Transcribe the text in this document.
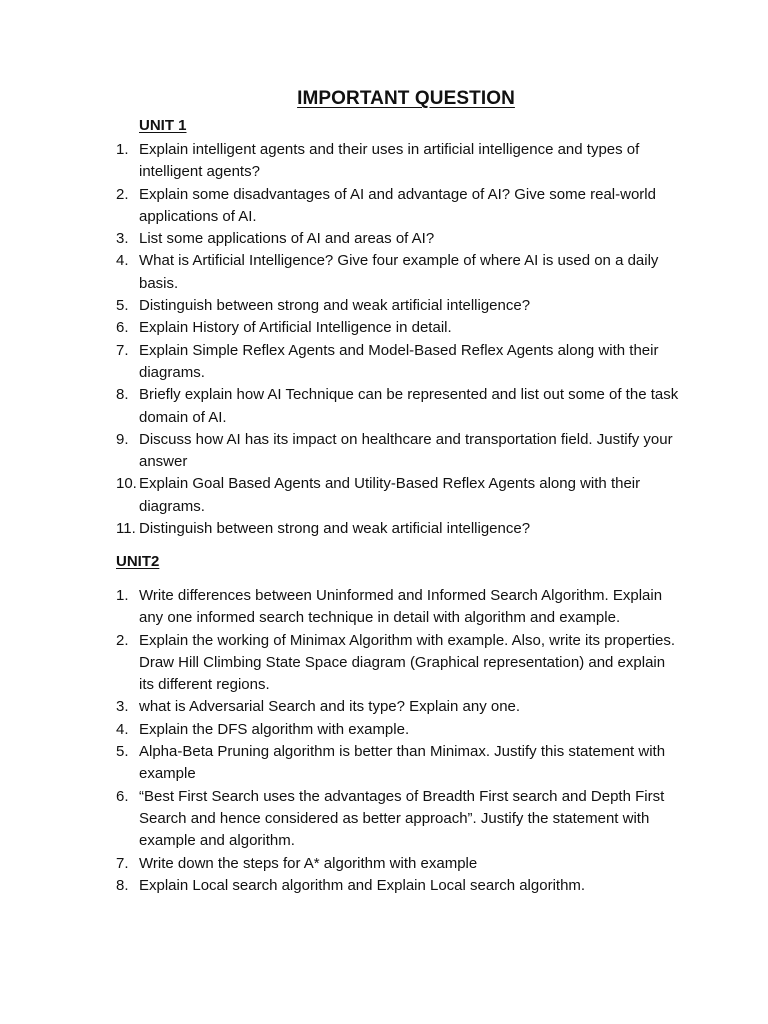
IMPORTANT QUESTION
UNIT 1
1. Explain intelligent agents and their uses in artificial intelligence and types of intelligent agents?
2. Explain some disadvantages of AI and advantage of AI? Give some real-world applications of AI.
3. List some applications of AI and areas of AI?
4. What is Artificial Intelligence? Give four example of where AI is used on a daily basis.
5. Distinguish between strong and weak artificial intelligence?
6. Explain History of Artificial Intelligence in detail.
7. Explain Simple Reflex Agents and Model-Based Reflex Agents along with their diagrams.
8. Briefly explain how AI Technique can be represented and list out some of the task domain of AI.
9. Discuss how AI has its impact on healthcare and transportation field. Justify your answer
10. Explain Goal Based Agents and Utility-Based Reflex Agents along with their diagrams.
11. Distinguish between strong and weak artificial intelligence?
UNIT2
1. Write differences between Uninformed and Informed Search Algorithm. Explain any one informed search technique in detail with algorithm and example.
2. Explain the working of Minimax Algorithm with example. Also, write its properties. Draw Hill Climbing State Space diagram (Graphical representation) and explain its different regions.
3. what is Adversarial Search and its type? Explain any one.
4. Explain the DFS algorithm with example.
5. Alpha-Beta Pruning algorithm is better than Minimax. Justify this statement with example
6. “Best First Search uses the advantages of Breadth First search and Depth First Search and hence considered as better approach”. Justify the statement with example and algorithm.
7. Write down the steps for A* algorithm with example
8. Explain Local search algorithm and Explain Local search algorithm.
